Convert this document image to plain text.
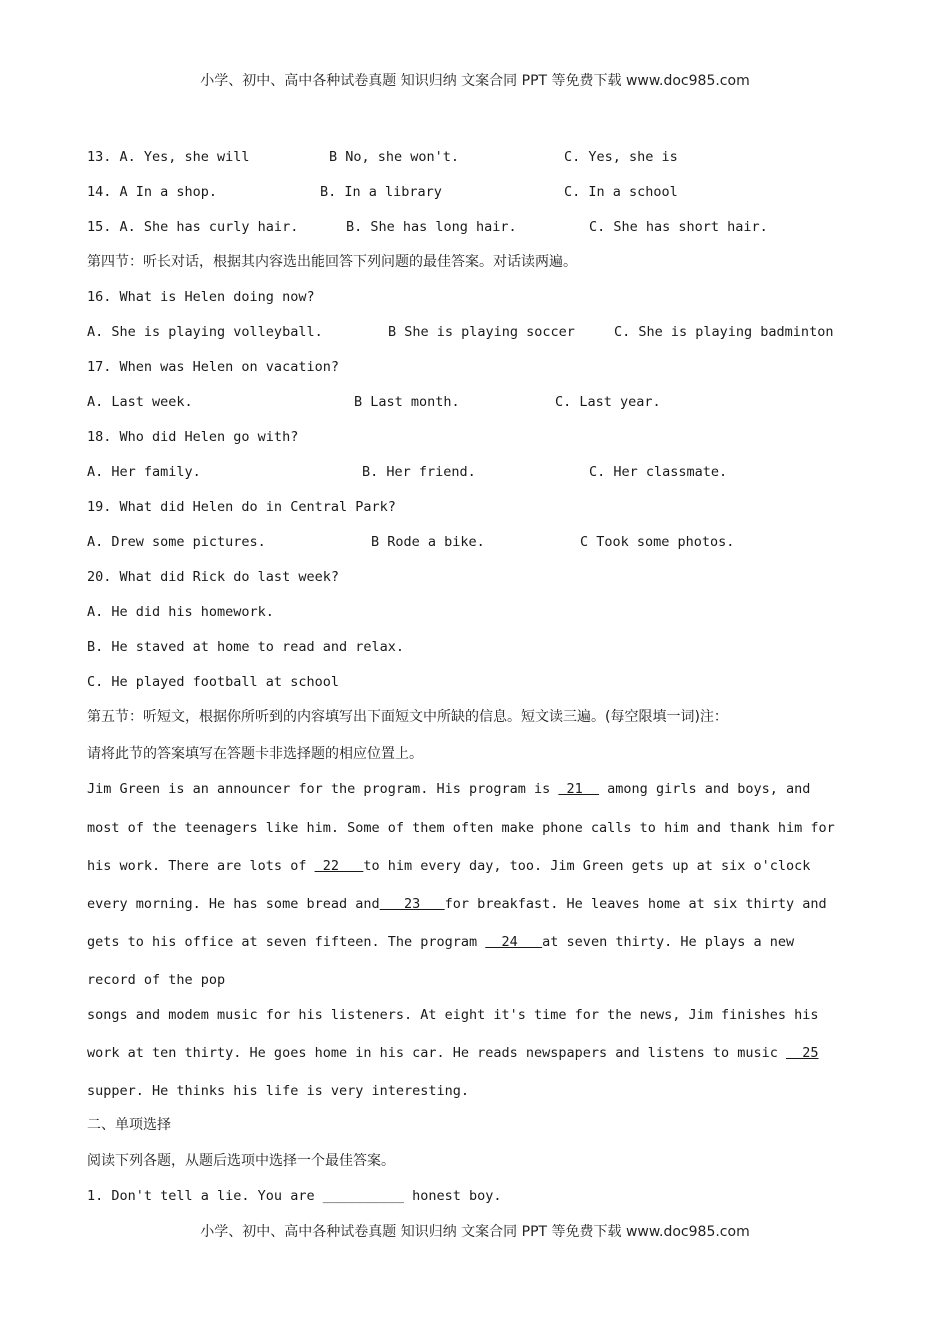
小学、初中、高中各种试卷真题 知识归纳 文案合同 PPT 等免费下载 www.doc985.com
13. A. Yes, she will	B No, she won't.	C. Yes, she is
14. A In a shop.	B. In a library	C. In a school
15. A. She has curly hair.	B. She has long hair.	C. She has short hair.
第四节：听长对话，根据其内容选出能回答下列问题的最佳答案。对话读两遍。
16. What is Helen doing now?
A. She is playing volleyball.	B She is playing soccer	C. She is playing badminton
17. When was Helen on vacation?
A. Last week.	B Last month.	C. Last year.
18. Who did Helen go with?
A. Her family.	B. Her friend.	C. Her classmate.
19. What did Helen do in Central Park?
A. Drew some pictures.	B Rode a bike.	C Took some photos.
20. What did Rick do last week?
A. He did his homework.
B. He staved at home to read and relax.
C. He played football at school
第五节：听短文，根据你所听到的内容填写出下面短文中所缺的信息。短文读三遍。(每空限填一词)注：
请将此节的答案填写在答题卡非选择题的相应位置上。
Jim Green is an announcer for the program. His program is  21   among girls and boys, and
most of the teenagers like him. Some of them often make phone calls to him and thank him for
his work. There are lots of  22   to him every day, too. Jim Green gets up at six o'clock
every morning. He has some bread and   23   for breakfast. He leaves home at six thirty and
gets to his office at seven fifteen. The program   24   at seven thirty. He plays a new
record of the pop
songs and modem music for his listeners. At eight it's time for the news, Jim finishes his
work at ten thirty. He goes home in his car. He reads newspapers and listens to music   25
supper. He thinks his life is very interesting.
二、单项选择
阅读下列各题，从题后选项中选择一个最佳答案。
1. Don't tell a lie. You are __________ honest boy.
小学、初中、高中各种试卷真题 知识归纳 文案合同 PPT 等免费下载 www.doc985.com
